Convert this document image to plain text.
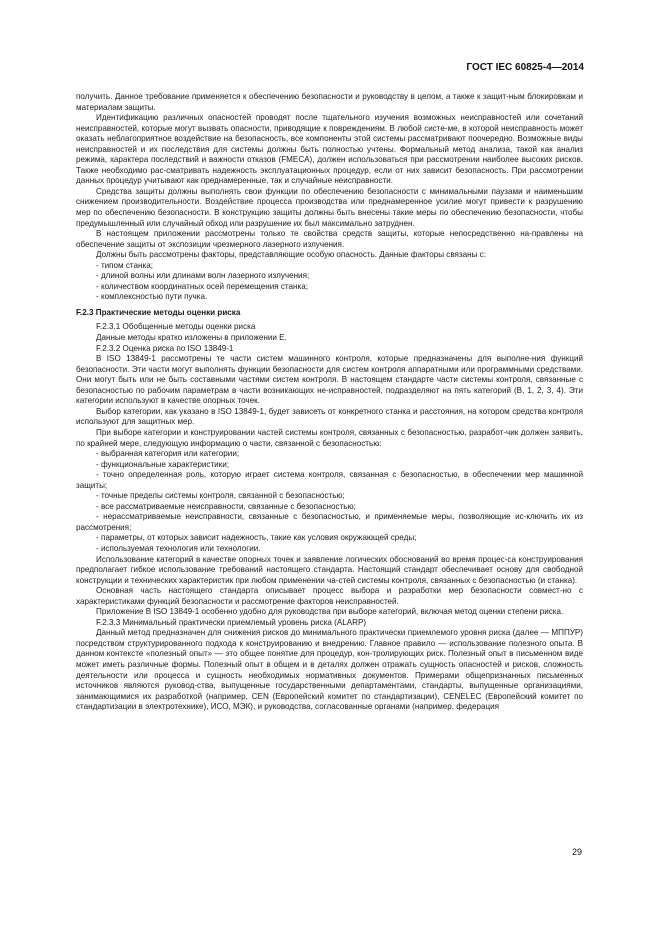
ГОСТ IEC 60825-4—2014

получить. Данное требование применяется к обеспечению безопасности и руководству в целом, а также к защит-ным блокировкам и материалам защиты.

Идентификацию различных опасностей проводят после тщательного изучения возможных неисправностей или сочетаний неисправностей, которые могут вызвать опасности, приводящие к повреждениям. В любой систе-ме, в которой неисправность может оказать неблагоприятное воздействие на безопасность, все компоненты этой системы рассматривают поочередно. Возможные виды неисправностей и их последствия для системы должны быть полностью учтены. Формальный метод анализа, такой как анализ режима, характера последствий и важности отказов (FMECA), должен использоваться при рассмотрении наиболее высоких рисков. Также необходимо рас-сматривать надежность эксплуатационных процедур, если от них зависит безопасность. При рассмотрении данных процедур учитывают как преднамеренные, так и случайные неисправности.

Средства защиты должны выполнять свои функции по обеспечению безопасности с минимальными паузами и наименьшим снижением производительности. Воздействие процесса производства или преднамеренное усилие могут привести к разрушению мер по обеспечению безопасности. В конструкцию защиты должны быть внесены такие меры по обеспечению безопасности, чтобы предумышленный или случайный обход или разрушение их был максимально затруднен.

В настоящем приложении рассмотрены только те свойства средств защиты, которые непосредственно на-правлены на обеспечение защиты от экспозиции чрезмерного лазерного излучения.

Должны быть рассмотрены факторы, представляющие особую опасность. Данные факторы связаны с:

- типом станка;

- длиной волны или длинами волн лазерного излучения;

- количеством координатных осей перемещения станка;

- комплексностью пути пучка.

F.2.3 Практические методы оценки риска

F.2.3.1 Обобщенные методы оценки риска

Данные методы кратко изложены в приложении Е.

F.2.3.2 Оценка риска по ISO 13849-1

В ISO 13849-1 рассмотрены те части систем машинного контроля, которые предназначены для выполне-ния функций безопасности. Эти части могут выполнять функции безопасности для систем контроля аппаратными или программными средствами. Они могут быть или не быть составными частями систем контроля. В настоящем стандарте части системы контроля, связанные с безопасностью по рабочим параметрам в части возникающих не-исправностей, подразделяют на пять категорий (В, 1, 2, 3, 4). Эти категории используют в качестве опорных точек.

Выбор категории, как указано в ISO 13849-1, будет зависеть от конкретного станка и расстояния, на котором средства контроля используют для защитных мер.

При выборе категории и конструировании частей системы контроля, связанных с безопасностью, разработ-чик должен заявить, по крайней мере, следующую информацию о части, связанной с безопасностью:

- выбранная категория или категории;

- функциональные характеристики;

- точно определенная роль, которую играет система контроля, связанная с безопасностью, в обеспечении мер машинной защиты;

- точные пределы системы контроля, связанной с безопасностью;

- все рассматриваемые неисправности, связанные с безопасностью;

- нерассматриваемые неисправности, связанные с безопасностью, и применяемые меры, позволяющие ис-ключить их из рассмотрения;

- параметры, от которых зависит надежность, такие как условия окружающей среды;

- используемая технология или технологии.

Использование категорий в качестве опорных точек и заявление логических обоснований во время процес-са конструирования предполагает гибкое использование требований настоящего стандарта. Настоящий стандарт обеспечивает основу для свободной конструкции и технических характеристик при любом применении ча-стей системы контроля, связанных с безопасностью (и станка).

Основная часть настоящего стандарта описывает процесс выбора и разработки мер безопасности совмест-но с характеристиками функций безопасности и рассмотрение факторов неисправностей.

Приложение В ISO 13849-1 особенно удобно для руководства при выборе категорий, включая метод оценки степени риска.

F.2.3.3 Минимальный практически приемлемый уровень риска (ALARP)

Данный метод предназначен для снижения рисков до минимального практически приемлемого уровня риска (далее — МППУР) посредством структурированного подхода к конструированию и внедрению. Главное правило — использование полезного опыта. В данном контексте «полезный опыт» — это общее понятие для процедур, кон-тролирующих риск. Полезный опыт в письменном виде может иметь различные формы. Полезный опыт в общем и в деталях должен отражать сущность опасностей и рисков, сложность деятельности или процесса и сущность необходимых нормативных документов. Примерами общепризнанных письменных источников являются руковод-ства, выпущенные государственными департаментами, стандарты, выпущенные организациями, занимающимися их разработкой (например, CEN (Европейский комитет по стандартизации), CENELEC (Европейский комитет по стандартизации в электротехнике), ИСО, МЭК), и руководства, согласованные органами (например, федерация

29
